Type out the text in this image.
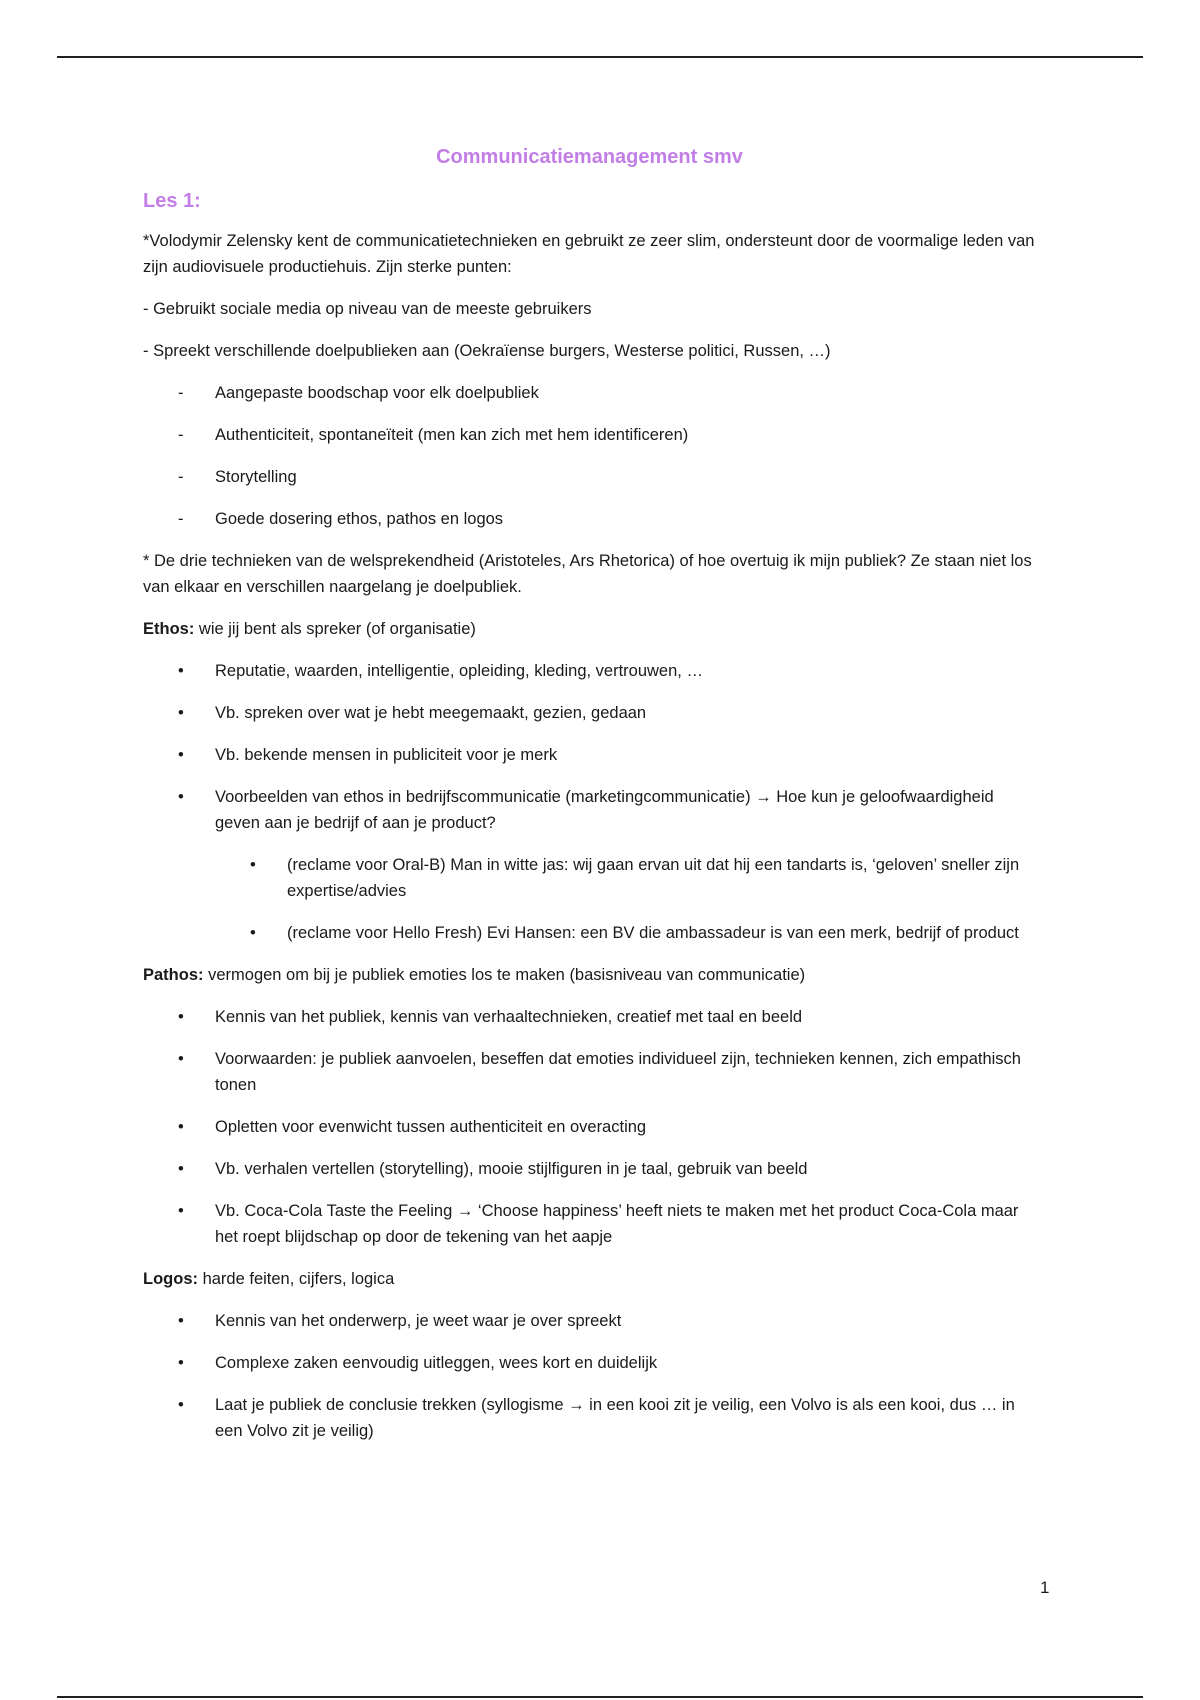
Communicatiemanagement smv
Les 1:

*Volodymir Zelensky kent de communicatietechnieken en gebruikt ze zeer slim, ondersteunt door de voormalige leden van zijn audiovisuele productiehuis. Zijn sterke punten:

- Gebruikt sociale media op niveau van de meeste gebruikers

- Spreekt verschillende doelpublieken aan (Oekraïense burgers, Westerse politici, Russen, …)

- Aangepaste boodschap voor elk doelpubliek
- Authenticiteit, spontaneïteit (men kan zich met hem identificeren)
- Storytelling
- Goede dosering ethos, pathos en logos

* De drie technieken van de welsprekendheid (Aristoteles, Ars Rhetorica) of hoe overtuig ik mijn publiek? Ze staan niet los van elkaar en verschillen naargelang je doelpubliek.

Ethos: wie jij bent als spreker (of organisatie)

• Reputatie, waarden, intelligentie, opleiding, kleding, vertrouwen, …
• Vb. spreken over wat je hebt meegemaakt, gezien, gedaan
• Vb. bekende mensen in publiciteit voor je merk
• Voorbeelden van ethos in bedrijfscommunicatie (marketingcommunicatie) → Hoe kun je geloofwaardigheid geven aan je bedrijf of aan je product?
• (reclame voor Oral-B) Man in witte jas: wij gaan ervan uit dat hij een tandarts is, ‘geloven’ sneller zijn expertise/advies
• (reclame voor Hello Fresh) Evi Hansen: een BV die ambassadeur is van een merk, bedrijf of product

Pathos: vermogen om bij je publiek emoties los te maken (basisniveau van communicatie)

• Kennis van het publiek, kennis van verhaaltechnieken, creatief met taal en beeld
• Voorwaarden: je publiek aanvoelen, beseffen dat emoties individueel zijn, technieken kennen, zich empathisch tonen
• Opletten voor evenwicht tussen authenticiteit en overacting
• Vb. verhalen vertellen (storytelling), mooie stijlfiguren in je taal, gebruik van beeld
• Vb. Coca-Cola Taste the Feeling → ‘Choose happiness’ heeft niets te maken met het product Coca-Cola maar het roept blijdschap op door de tekening van het aapje

Logos: harde feiten, cijfers, logica

• Kennis van het onderwerp, je weet waar je over spreekt
• Complexe zaken eenvoudig uitleggen, wees kort en duidelijk
• Laat je publiek de conclusie trekken (syllogisme → in een kooi zit je veilig, een Volvo is als een kooi, dus … in een Volvo zit je veilig)
1
